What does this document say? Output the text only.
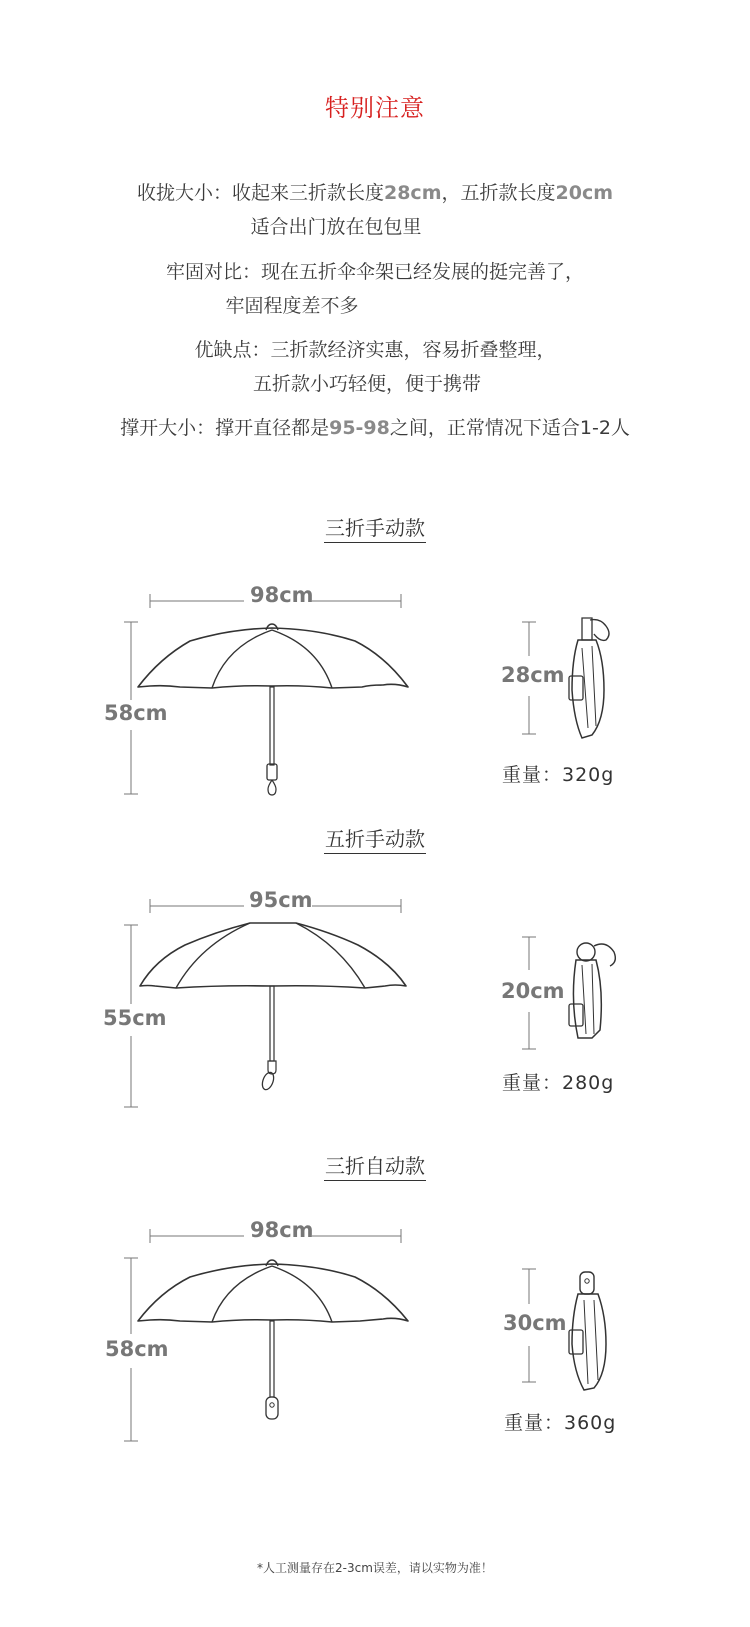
特别注意
收拢大小：收起来三折款长度28cm，五折款长度20cm
适合出门放在包包里
牢固对比：现在五折伞伞架已经发展的挺完善了，
牢固程度差不多
优缺点：三折款经济实惠，容易折叠整理，
五折款小巧轻便，便于携带
撑开大小：撑开直径都是95-98之间，正常情况下适合1-2人
三折手动款
98cm
58cm
28cm
重量：320g
五折手动款
95cm
55cm
20cm
重量：280g
三折自动款
98cm
58cm
30cm
重量：360g
*人工测量存在2-3cm误差，请以实物为准！
